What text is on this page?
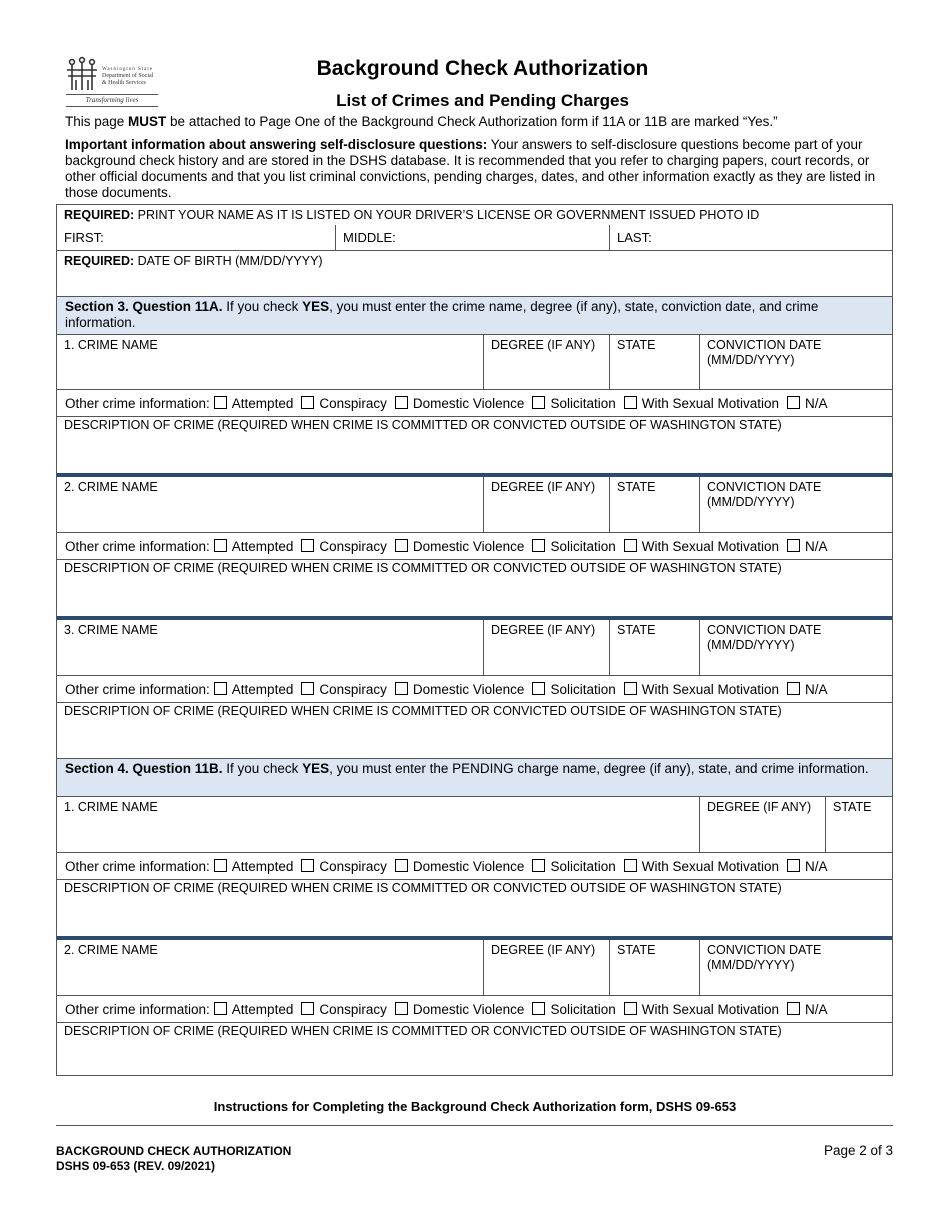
Washington State
Department of Social
& Health Services
Transforming lives
Background Check Authorization
List of Crimes and Pending Charges
This page MUST be attached to Page One of the Background Check Authorization form if 11A or 11B are marked “Yes.”
Important information about answering self-disclosure questions: Your answers to self-disclosure questions become part of your background check history and are stored in the DSHS database. It is recommended that you refer to charging papers, court records, or other official documents and that you list criminal convictions, pending charges, dates, and other information exactly as they are listed in those documents.
REQUIRED: PRINT YOUR NAME AS IT IS LISTED ON YOUR DRIVER’S LICENSE OR GOVERNMENT ISSUED PHOTO ID
FIRST:	MIDDLE:	LAST:
REQUIRED: DATE OF BIRTH (MM/DD/YYYY)
Section 3. Question 11A. If you check YES, you must enter the crime name, degree (if any), state, conviction date, and crime information.
1. CRIME NAME	DEGREE (IF ANY)	STATE	CONVICTION DATE (MM/DD/YYYY)
Other crime information: Attempted Conspiracy Domestic Violence Solicitation With Sexual Motivation N/A
DESCRIPTION OF CRIME (REQUIRED WHEN CRIME IS COMMITTED OR CONVICTED OUTSIDE OF WASHINGTON STATE)
2. CRIME NAME	DEGREE (IF ANY)	STATE	CONVICTION DATE (MM/DD/YYYY)
Other crime information: Attempted Conspiracy Domestic Violence Solicitation With Sexual Motivation N/A
DESCRIPTION OF CRIME (REQUIRED WHEN CRIME IS COMMITTED OR CONVICTED OUTSIDE OF WASHINGTON STATE)
3. CRIME NAME	DEGREE (IF ANY)	STATE	CONVICTION DATE (MM/DD/YYYY)
Other crime information: Attempted Conspiracy Domestic Violence Solicitation With Sexual Motivation N/A
DESCRIPTION OF CRIME (REQUIRED WHEN CRIME IS COMMITTED OR CONVICTED OUTSIDE OF WASHINGTON STATE)
Section 4. Question 11B. If you check YES, you must enter the PENDING charge name, degree (if any), state, and crime information.
1. CRIME NAME	DEGREE (IF ANY)	STATE
Other crime information: Attempted Conspiracy Domestic Violence Solicitation With Sexual Motivation N/A
DESCRIPTION OF CRIME (REQUIRED WHEN CRIME IS COMMITTED OR CONVICTED OUTSIDE OF WASHINGTON STATE)
2. CRIME NAME	DEGREE (IF ANY)	STATE	CONVICTION DATE (MM/DD/YYYY)
Other crime information: Attempted Conspiracy Domestic Violence Solicitation With Sexual Motivation N/A
DESCRIPTION OF CRIME (REQUIRED WHEN CRIME IS COMMITTED OR CONVICTED OUTSIDE OF WASHINGTON STATE)
Instructions for Completing the Background Check Authorization form, DSHS 09-653
BACKGROUND CHECK AUTHORIZATION
DSHS 09-653 (REV. 09/2021)
Page 2 of 3
